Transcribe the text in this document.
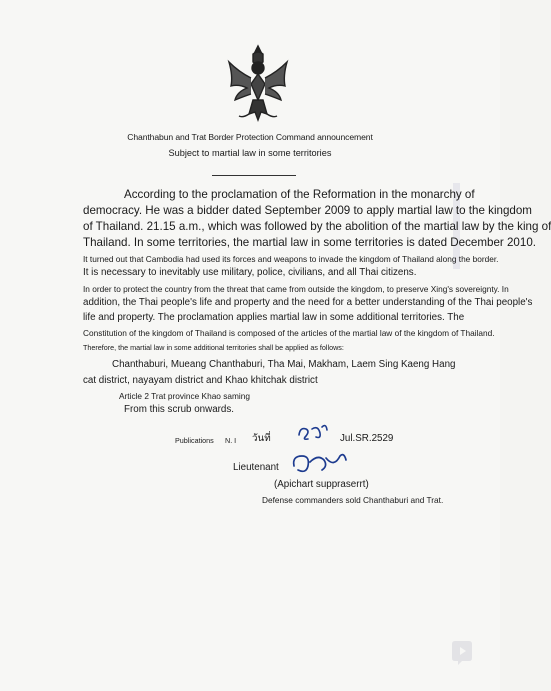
Chanthabun and Trat Border Protection Command announcement
Subject to martial law in some territories
According to the proclamation of the Reformation in the monarchy of
democracy. He was a bidder dated September 2009 to apply martial law to the kingdom
of Thailand. 21.15 a.m., which was followed by the abolition of the martial law by the king of
Thailand. In some territories, the martial law in some territories is dated December 2010.
It turned out that Cambodia had used its forces and weapons to invade the kingdom of Thailand along the border.
It is necessary to inevitably use military, police, civilians, and all Thai citizens.
In order to protect the country from the threat that came from outside the kingdom, to preserve Xing's sovereignty. In
addition, the Thai people's life and property and the need for a better understanding of the Thai people's
life and property. The proclamation applies martial law in some additional territories. The
Constitution of the kingdom of Thailand is composed of the articles of the martial law of the kingdom of Thailand.
Therefore, the martial law in some additional territories shall be applied as follows:
Chanthaburi, Mueang Chanthaburi, Tha Mai, Makham, Laem Sing Kaeng Hang
cat district, nayayam district and Khao khitchak district
Article 2 Trat province Khao saming
From this scrub onwards.
Publications N. I วันที่	Jul.SR.2529
Lieutenant
(Apichart suppraserrt)
Defense commanders sold Chanthaburi and Trat.
